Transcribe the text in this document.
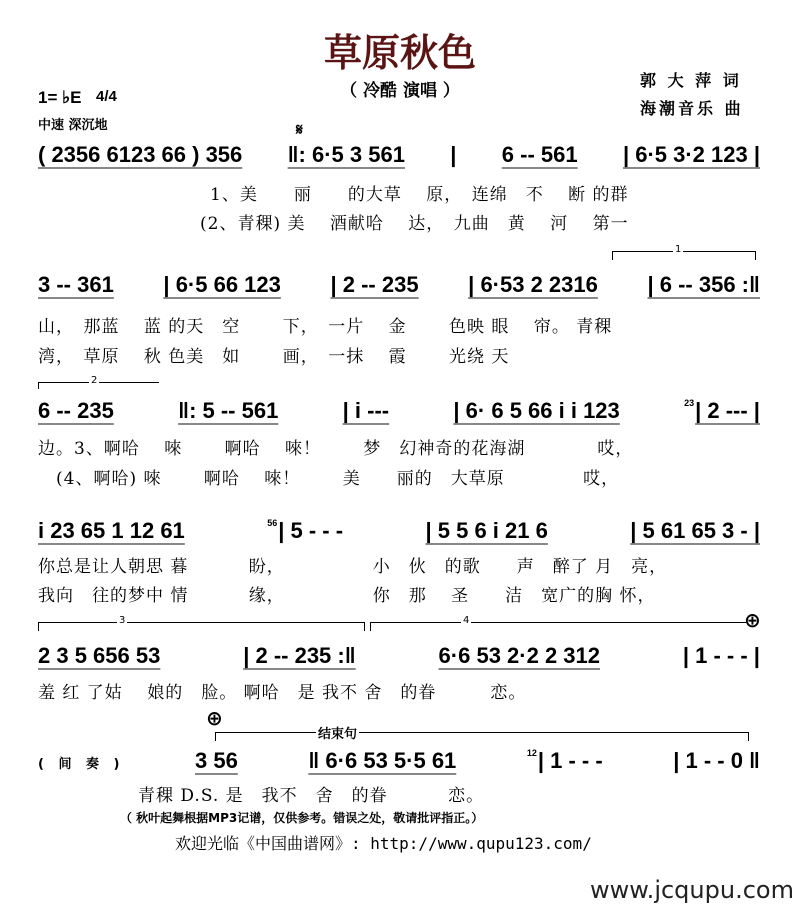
草原秋色
（ 冷酷 演唱 ）
郭 大 萍 词
海潮音乐 曲
1= ♭E 4/4
中速 深沉地	𝄋
( 2356 6123 66 ) 356 ‖: 6·5 3 561 | 6 -- 561 | 6·5 3·2 123 |
1、美　　丽　　的大草　 原，　连绵　不　 断 的群
(2、青稞) 美　 酒献哈　 达，　九曲　黄　 河　 第一
1
3 -- 361 | 6·5 66 123 | 2 -- 235 | 6·53 2 2316 | 6 -- 356 :‖
山，　那蓝　 蓝 的天　空　　 下，　一片　 金　　 色映 眼　 帘。 青稞
湾，　草原　 秋 色美　如　　 画，　一抹　 霞　　 光绕 天
2
6 -- 235	‖: 5 -- 561	| i ---	| 6· 6 5 66 i i 123	23 | 2 --- |
边。3、啊哈　 唻　　 啊哈　 唻！　　 梦　幻神奇的花海湖　　　　哎，
　(4、啊哈) 唻　　 啊哈　 唻！　　 美　　丽的　大草原　　　　 哎，
i 23 65 1 12 61	56 | 5 - - -	| 5 5 6 i 21 6	| 5 61 65 3 - |
你总是让人朝思 暮　　　 盼，　　　　　 小　伙　的歌　　声　醉了 月　亮，
我向　往的梦中 情　　　 缘，　　　　　 你　那　 圣　　洁　宽广的胸 怀，
3	4	⊕
2 3 5 656 53	| 2 -- 235 :‖	6·6 53 2·2 2 312	| 1 - - - |
羞 红 了姑　 娘的　脸。 啊哈　是 我不 舍　的眷　　　恋。
⊕
结束句
( 间 奏 )	3 56	‖ 6·6 53 5·5 61	12 | 1 - - -	| 1 - - 0 ‖
青稞 D.S. 是　我不　舍　的眷　　　 恋。
（ 秋叶起舞根据MP3记谱，仅供参考。错误之处，敬请批评指正。）
欢迎光临《中国曲谱网》: http://www.qupu123.com/
www.jcqupu.com
